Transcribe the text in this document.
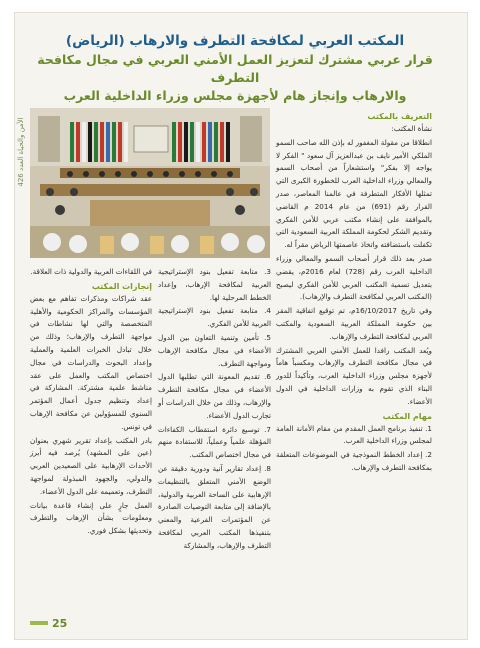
المكتب العربي لمكافحة التطرف والارهاب (الرياض)
قرار عربي مشترك لتعزيز العمل الأمني العربي في مجال مكافحة التطرف
والارهاب وإنجاز هام لأجهزة مجلس وزراء الداخلية العرب
الأمن والحياة العدد 426

التعريف بالمكتب

نشأة المكتب:

انطلاقا من مقولة المغفور له بإذن الله صاحب السمو الملكي الأمير نايف بن عبدالعزيز آل سعود " الفكر لا يواجه إلا بفكر" واستشعاراً من أصحاب السمو والمعالي وزراء الداخلية العرب للخطورة الكبرى التي تمثلها الأفكار المتطرفة في عالمنا المعاصر، صدر القرار رقم (691) من عام 2014 م القاضي بالموافقة على إنشاء مكتب عربي للأمن الفكري وتقديم الشكر لحكومة المملكة العربية السعودية التي تكفلت باستضافته واتخاذ عاصمتها الرياض مقراً له.

صدر بعد ذلك قرار أصحاب السمو والمعالي وزراء الداخلية العرب رقم (728) لعام 2016م، يقضي بتعديل تسمية المكتب العربي للأمن الفكري ليصبح (المكتب العربي لمكافحة التطرف والإرهاب).

وفي تاريخ 16/10/2017م، تم توقيع اتفاقية المقر بين حكومة المملكة العربية السعودية والمكتب العربي لمكافحة التطرف والإرهاب.

ويُعد المكتب رافدا للعمل الأمني العربي المشترك في مجال مكافحة التطرف والإرهاب ومكسباً هاماً لأجهزة مجلس وزراء الداخلية العرب، وتأكيداً للدور البناء الذي تقوم به وزارات الداخلية في الدول الأعضاء.

مهام المكتب

1. تنفيذ برنامج العمل المقدم من مقام الأمانة العامة لمجلس وزراء الداخلية العرب.

2. إعداد الخطط النموذجية في الموضوعات المتعلقة بمكافحة التطرف والإرهاب.

3. متابعة تفعيل بنود الإستراتيجية العربية لمكافحة الإرهاب، وإعداد الخطط المرحلية لها.

4. متابعة تفعيل بنود الإستراتيجية العربية للأمن الفكري.

5. تأمين وتنمية التعاون بين الدول الأعضاء في مجال مكافحة الإرهاب ومواجهة التطرف.

6. تقديم المعونة التي تطلبها الدول الأعضاء في مجال مكافحة التطرف والإرهاب، وذلك من خلال الدراسات أو تجارب الدول الأعضاء.

7. توسيع دائرة استقطاب الكفاءات المؤهلة علمياً وعملياً، للاستفادة منهم في مجال اختصاص المكتب.

8. إعداد تقارير آنية ودورية دقيقة عن الوضع الأمني المتعلق بالتنظيمات الإرهابية على الساحة العربية والدولية، بالإضافة إلى متابعة التوصيات الصادرة عن المؤتمرات الفرعية والمعني بتنفيذها المكتب العربي لمكافحة التطرف والإرهاب، والمشاركة

في اللقاءات العربية والدولية ذات العلاقة.

إنجازات المكتب

عقد شراكات ومذكرات تفاهم مع بعض المؤسسات والمراكز الحكومية والأهلية المتخصصة والتي لها نشاطات في مواجهة التطرف والإرهاب؛ وذلك من خلال تبادل الخبرات العلمية والعملية وإعداد البحوث والدراسات في مجال اختصاص المكتب والعمل على عقد مناشط علمية مشتركة. المشاركة في إعداد وتنظيم جدول أعمال المؤتمر السنوي للمسؤولين عن مكافحة الإرهاب في تونس.

بادر المكتب بإعداد تقرير شهري بعنوان (عين على المشهد) يُرصد فيه أبرز الأحداث الإرهابية على الصعيدين العربي والدولي، والجهود المبذولة لمواجهة التطرف، وتعميمه على الدول الأعضاء.

العمل جارٍ على إنشاء قاعدة بيانات ومعلومات بشأن الإرهاب والتطرف وتحديثها بشكل فوري.

25
